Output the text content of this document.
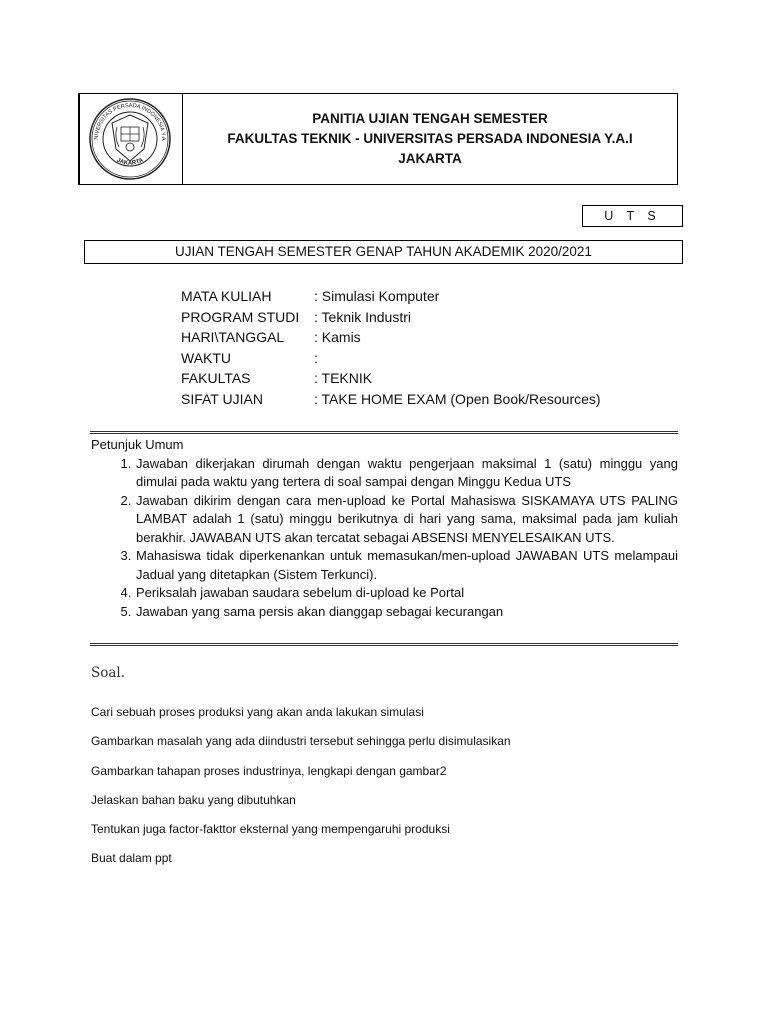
NIVERSITAS PERSADA INDONESIA Y.A
JAKARTA
PANITIA UJIAN TENGAH SEMESTER
FAKULTAS TEKNIK - UNIVERSITAS PERSADA INDONESIA Y.A.I
JAKARTA
U T S
UJIAN TENGAH SEMESTER GENAP TAHUN AKADEMIK 2020/2021
MATA KULIAH	: Simulasi Komputer
PROGRAM STUDI	: Teknik Industri
HARI\TANGGAL	: Kamis
WAKTU	:
FAKULTAS	: TEKNIK
SIFAT UJIAN	: TAKE HOME EXAM (Open Book/Resources)
Petunjuk Umum
1. Jawaban dikerjakan dirumah dengan waktu pengerjaan maksimal 1 (satu) minggu yang dimulai pada waktu yang tertera di soal sampai dengan Minggu Kedua UTS
2. Jawaban dikirim dengan cara men-upload ke Portal Mahasiswa SISKAMAYA UTS PALING LAMBAT adalah 1 (satu) minggu berikutnya di hari yang sama, maksimal pada jam kuliah berakhir. JAWABAN UTS akan tercatat sebagai ABSENSI MENYELESAIKAN UTS.
3. Mahasiswa tidak diperkenankan untuk memasukan/men-upload JAWABAN UTS melampaui Jadual yang ditetapkan (Sistem Terkunci).
4. Periksalah jawaban saudara sebelum di-upload ke Portal
5. Jawaban yang sama persis akan dianggap sebagai kecurangan
Soal.
Cari sebuah proses produksi yang akan anda lakukan simulasi
Gambarkan masalah yang ada diindustri tersebut sehingga perlu disimulasikan
Gambarkan tahapan proses industrinya, lengkapi dengan gambar2
Jelaskan bahan baku yang dibutuhkan
Tentukan juga factor-fakttor eksternal yang mempengaruhi produksi
Buat dalam ppt
